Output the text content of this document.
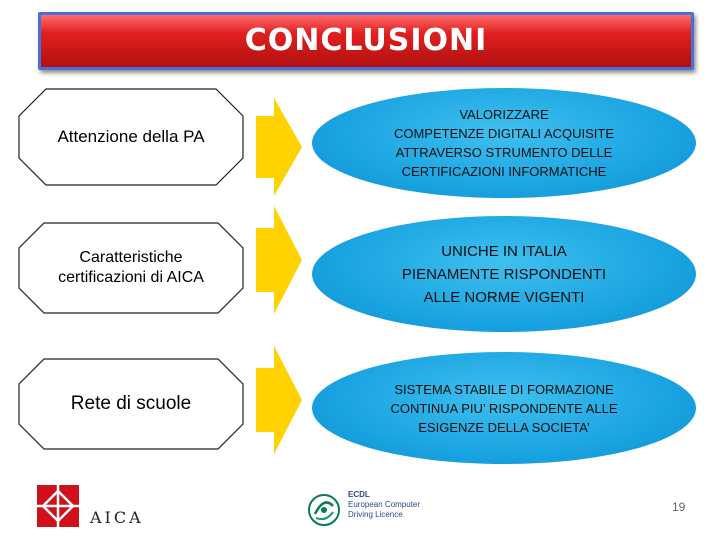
CONCLUSIONI
Attenzione della PA
VALORIZZARE
COMPETENZE DIGITALI ACQUISITE
ATTRAVERSO STRUMENTO DELLE
CERTIFICAZIONI INFORMATICHE
Caratteristiche
certificazioni di AICA
UNICHE IN ITALIA
PIENAMENTE RISPONDENTI
ALLE NORME VIGENTI
Rete di scuole
SISTEMA STABILE DI FORMAZIONE
CONTINUA PIU’ RISPONDENTE ALLE
ESIGENZE DELLA SOCIETA’
AICA
ECDL
European Computer
Driving Licence
19
